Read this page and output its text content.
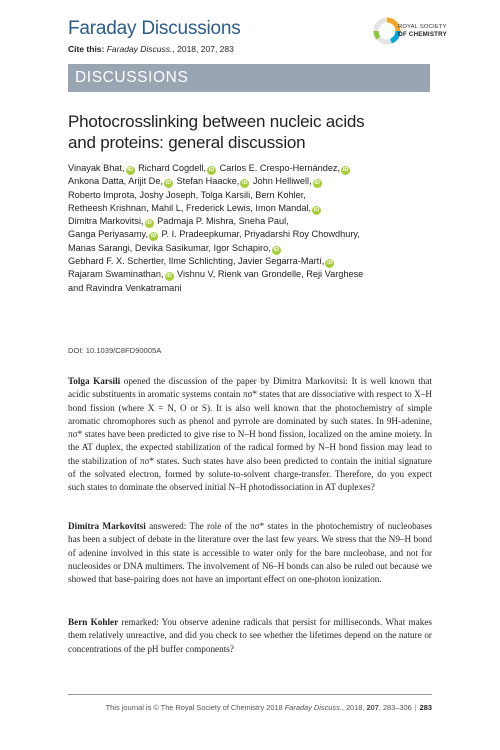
Faraday Discussions
Cite this: Faraday Discuss., 2018, 207, 283
ROYAL SOCIETY
OF CHEMISTRY
DISCUSSIONS
Photocrosslinking between nucleic acids
and proteins: general discussion
Vinayak Bhat, iD Richard Cogdell, iD Carlos E. Crespo-Hernández, iD
Ankona Datta, Arijit De, iD Stefan Haacke, iD John Helliwell, iD
Roberto Improta, Joshy Joseph, Tolga Karsili, Bern Kohler,
Retheesh Krishnan, Mahil L, Frederick Lewis, Imon Mandal, iD
Dimitra Markovitsi, iD Padmaja P. Mishra, Sneha Paul,
Ganga Periyasamy, iD P. I. Pradeepkumar, Priyadarshi Roy Chowdhury,
Manas Sarangi, Devika Sasikumar, Igor Schapiro, iD
Gebhard F. X. Schertler, Ilme Schlichting, Javier Segarra-Martí, iD
Rajaram Swaminathan, iD Vishnu V, Rienk van Grondelle, Reji Varghese
and Ravindra Venkatramani
DOI: 10.1039/C8FD90005A
Tolga Karsili opened the discussion of the paper by Dimitra Markovitsi: It is well known that acidic substituents in aromatic systems contain πσ* states that are dissociative with respect to X–H bond fission (where X = N, O or S). It is also well known that the photochemistry of simple aromatic chromophores such as phenol and pyrrole are dominated by such states. In 9H-adenine, πσ* states have been predicted to give rise to N–H bond fission, localized on the amine moiety. In the AT duplex, the expected stabilization of the radical formed by N–H bond fission may lead to the stabilization of πσ* states. Such states have also been predicted to contain the initial signature of the solvated electron, formed by solute-to-solvent charge-transfer. Therefore, do you expect such states to dominate the observed initial N–H photodissociation in AT duplexes?
Dimitra Markovitsi answered: The role of the πσ* states in the photochemistry of nucleobases has been a subject of debate in the literature over the last few years. We stress that the N9–H bond of adenine involved in this state is accessible to water only for the bare nucleobase, and not for nucleosides or DNA multimers. The involvement of N6–H bonds can also be ruled out because we showed that base-pairing does not have an important effect on one-photon ionization.
Bern Kohler remarked: You observe adenine radicals that persist for milliseconds. What makes them relatively unreactive, and did you check to see whether the lifetimes depend on the nature or concentrations of the pH buffer components?
This journal is © The Royal Society of Chemistry 2018 Faraday Discuss., 2018, 207, 283–306 | 283
